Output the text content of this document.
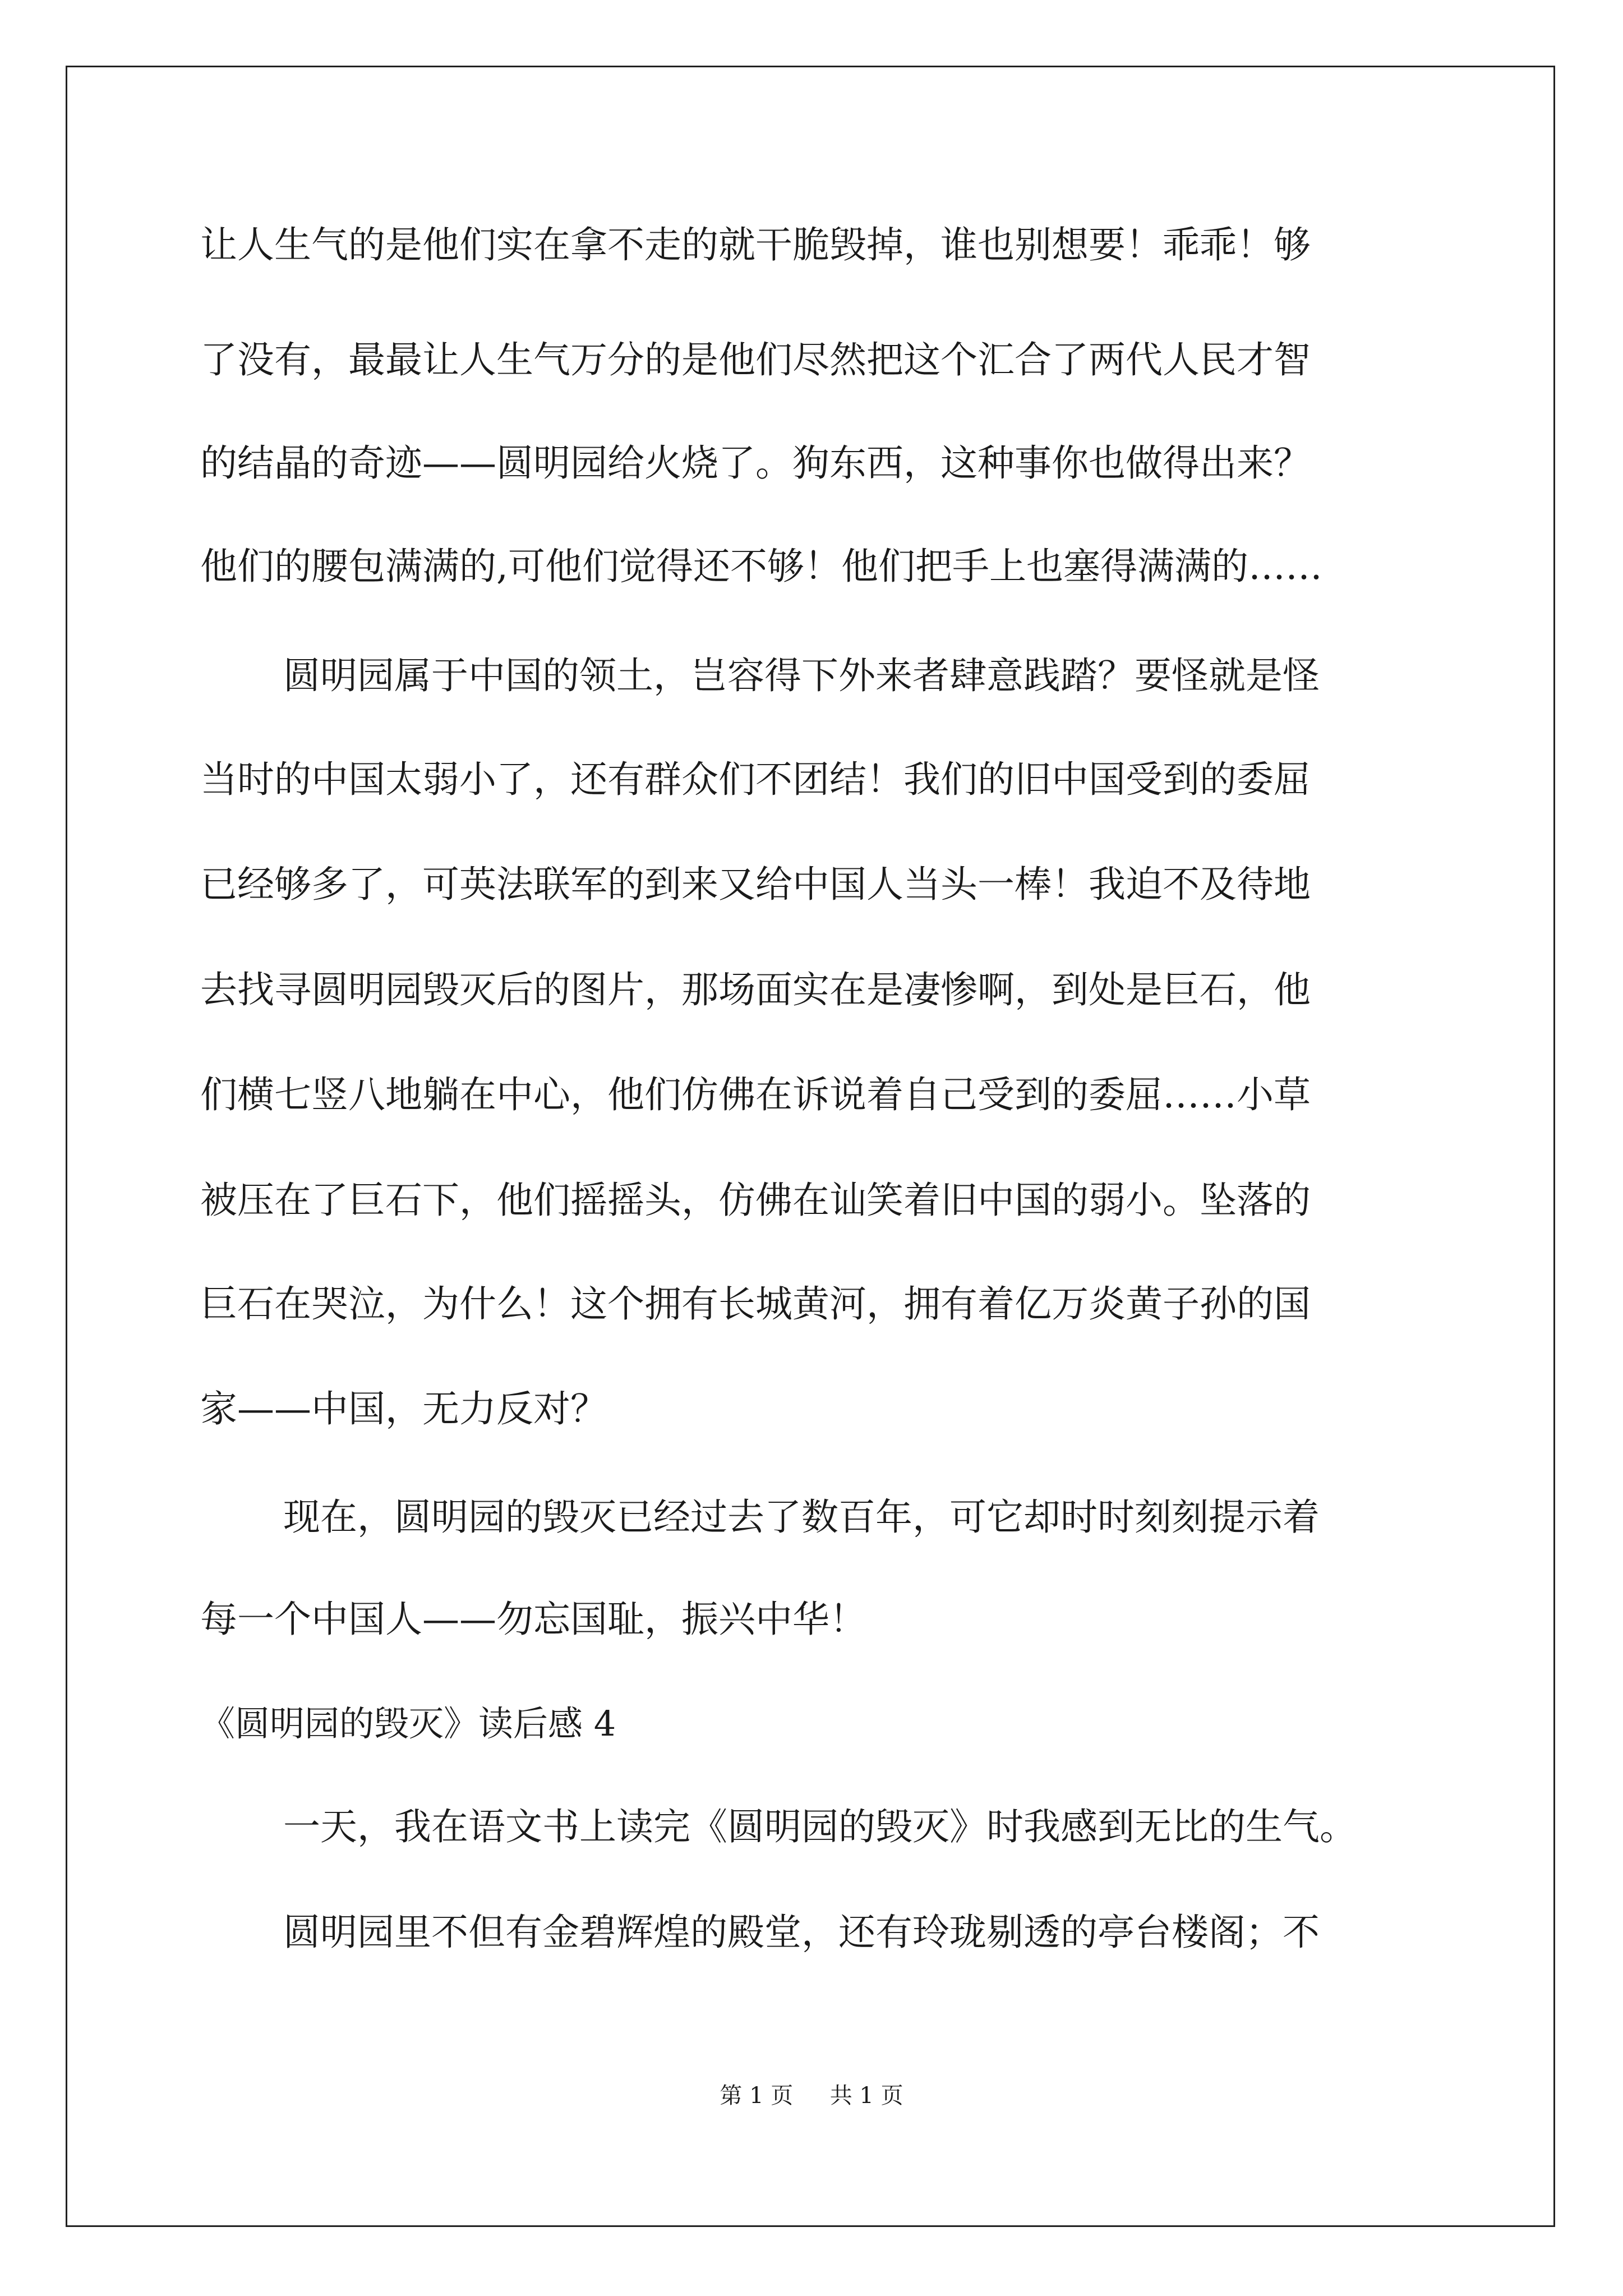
让人生气的是他们实在拿不走的就干脆毁掉，谁也别想要！乖乖！够
了没有，最最让人生气万分的是他们尽然把这个汇合了两代人民才智
的结晶的奇迹——圆明园给火烧了。狗东西，这种事你也做得出来？
他们的腰包满满的,可他们觉得还不够！他们把手上也塞得满满的……
圆明园属于中国的领土，岂容得下外来者肆意践踏？要怪就是怪
当时的中国太弱小了，还有群众们不团结！我们的旧中国受到的委屈
已经够多了，可英法联军的到来又给中国人当头一棒！我迫不及待地
去找寻圆明园毁灭后的图片，那场面实在是凄惨啊，到处是巨石，他
们横七竖八地躺在中心，他们仿佛在诉说着自己受到的委屈……小草
被压在了巨石下，他们摇摇头，仿佛在讪笑着旧中国的弱小。坠落的
巨石在哭泣，为什么！这个拥有长城黄河，拥有着亿万炎黄子孙的国
家——中国，无力反对？
现在，圆明园的毁灭已经过去了数百年，可它却时时刻刻提示着
每一个中国人——勿忘国耻，振兴中华！
《圆明园的毁灭》读后感 4
一天，我在语文书上读完《圆明园的毁灭》时我感到无比的生气。
圆明园里不但有金碧辉煌的殿堂，还有玲珑剔透的亭台楼阁；不
第 1 页 共 1 页
